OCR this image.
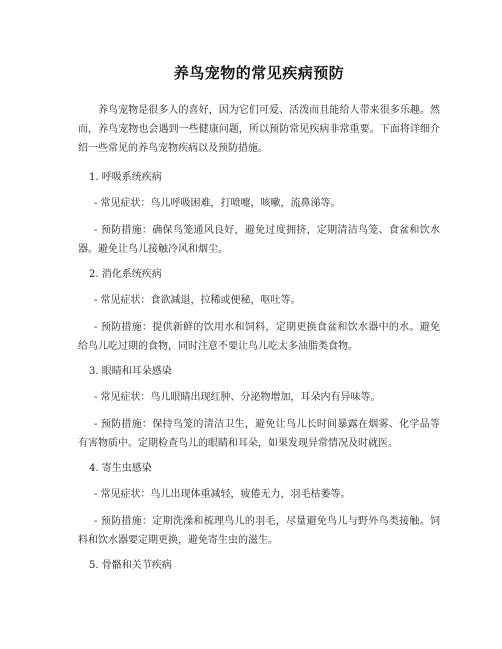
养鸟宠物的常见疾病预防

养鸟宠物是很多人的喜好，因为它们可爱、活泼而且能给人带来很多乐趣。然而，养鸟宠物也会遇到一些健康问题，所以预防常见疾病非常重要。下面将详细介绍一些常见的养鸟宠物疾病以及预防措施。

1. 呼吸系统疾病

- 常见症状：鸟儿呼吸困难，打喷嚏，咳嗽，流鼻涕等。

- 预防措施：确保鸟笼通风良好，避免过度拥挤，定期清洁鸟笼、食盆和饮水器。避免让鸟儿接触冷风和烟尘。

2. 消化系统疾病

- 常见症状：食欲减退，拉稀或便秘，呕吐等。

- 预防措施：提供新鲜的饮用水和饲料，定期更换食盆和饮水器中的水。避免给鸟儿吃过期的食物，同时注意不要让鸟儿吃太多油脂类食物。

3. 眼睛和耳朵感染

- 常见症状：鸟儿眼睛出现红肿、分泌物增加，耳朵内有异味等。

- 预防措施：保持鸟笼的清洁卫生，避免让鸟儿长时间暴露在烟雾、化学品等有害物质中。定期检查鸟儿的眼睛和耳朵，如果发现异常情况及时就医。

4. 寄生虫感染

- 常见症状：鸟儿出现体重减轻，疲倦无力，羽毛枯萎等。

- 预防措施：定期洗澡和梳理鸟儿的羽毛，尽量避免鸟儿与野外鸟类接触。饲料和饮水器要定期更换，避免寄生虫的滋生。

5. 骨骼和关节疾病
